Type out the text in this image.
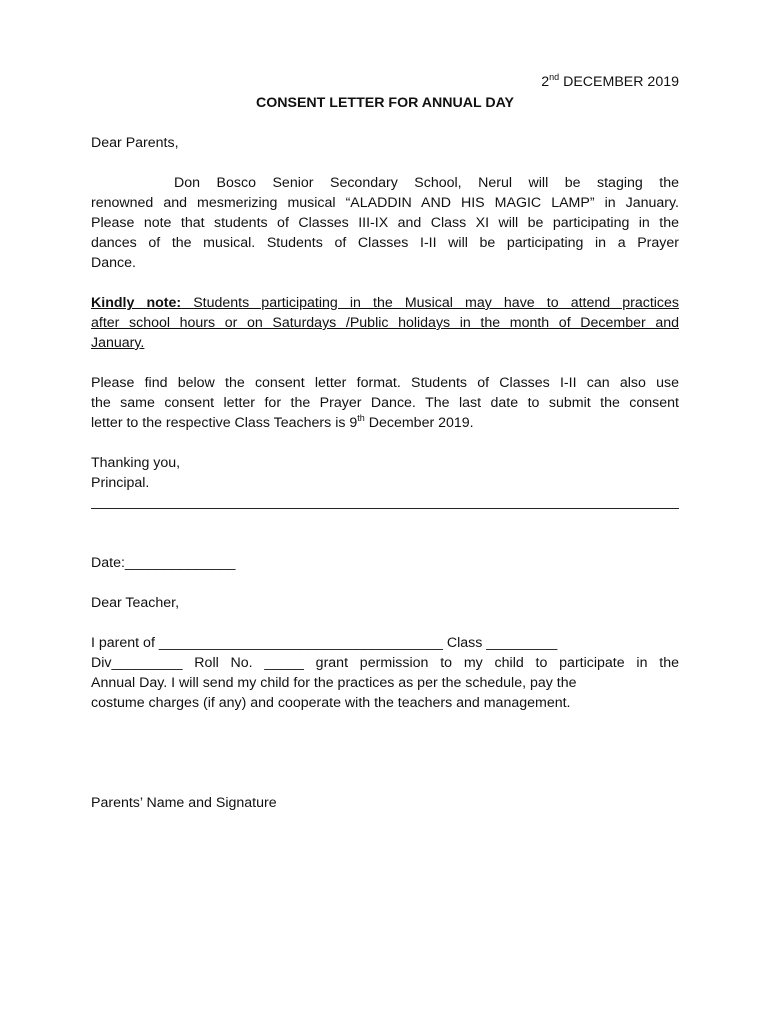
2nd DECEMBER 2019
CONSENT LETTER FOR ANNUAL DAY

Dear Parents,

Don Bosco Senior Secondary School, Nerul will be staging the
renowned and mesmerizing musical “ALADDIN AND HIS MAGIC LAMP” in January.
Please note that students of Classes III-IX and Class XI will be participating in the
dances of the musical. Students of Classes I-II will be participating in a Prayer
Dance.
Kindly note: Students participating in the Musical may have to attend practices
after school hours or on Saturdays /Public holidays in the month of December and
January.
Please find below the consent letter format. Students of Classes I-II can also use
the same consent letter for the Prayer Dance. The last date to submit the consent
letter to the respective Class Teachers is 9th December 2019.
Thanking you,
Principal.

Date:______________

Dear Teacher,

I parent of ____________________________________ Class _________
Div_________ Roll No. _____ grant permission to my child to participate in the
Annual Day. I will send my child for the practices as per the schedule, pay the
costume charges (if any) and cooperate with the teachers and management.

Parents’ Name and Signature
